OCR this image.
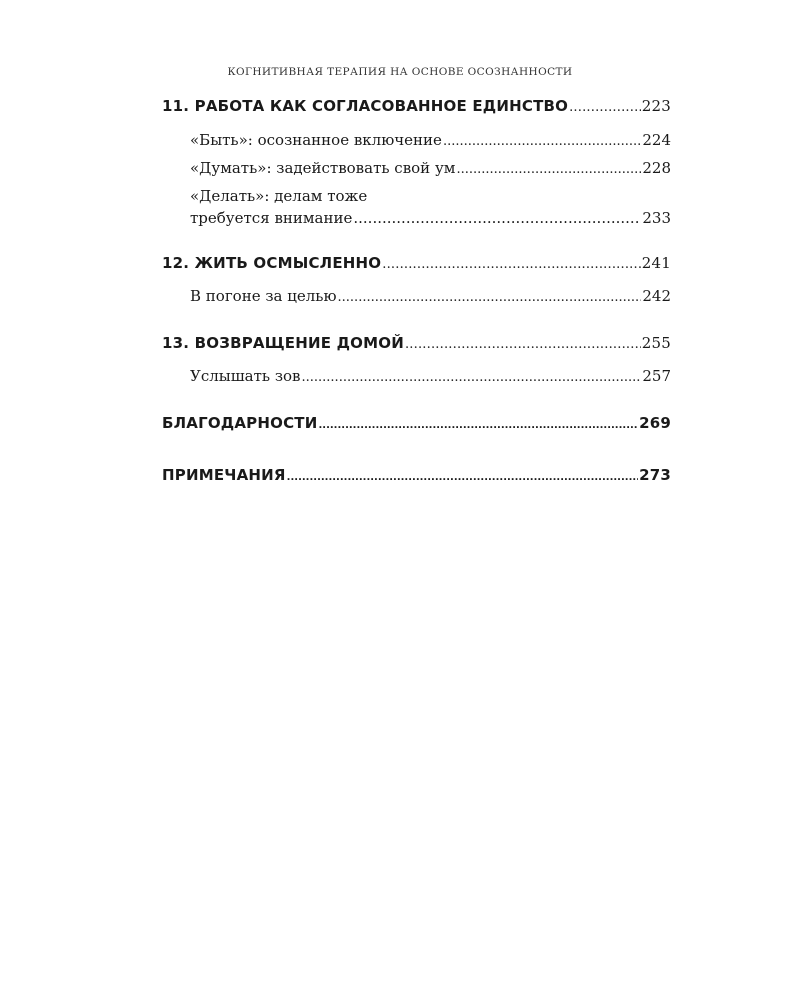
КОГНИТИВНАЯ ТЕРАПИЯ НА ОСНОВЕ ОСОЗНАННОСТИ
11. РАБОТА КАК СОГЛАСОВАННОЕ ЕДИНСТВО .....	223
«Быть»: осознанное включение .....	224
«Думать»: задействовать свой ум .....	228
«Делать»: делам тоже
требуется внимание .....	233
12. ЖИТЬ ОСМЫСЛЕННО .....	241
В погоне за целью .....	242
13. ВОЗВРАЩЕНИЕ ДОМОЙ .....	255
Услышать зов .....	257
БЛАГОДАРНОСТИ .....	269
ПРИМЕЧАНИЯ .....	273
